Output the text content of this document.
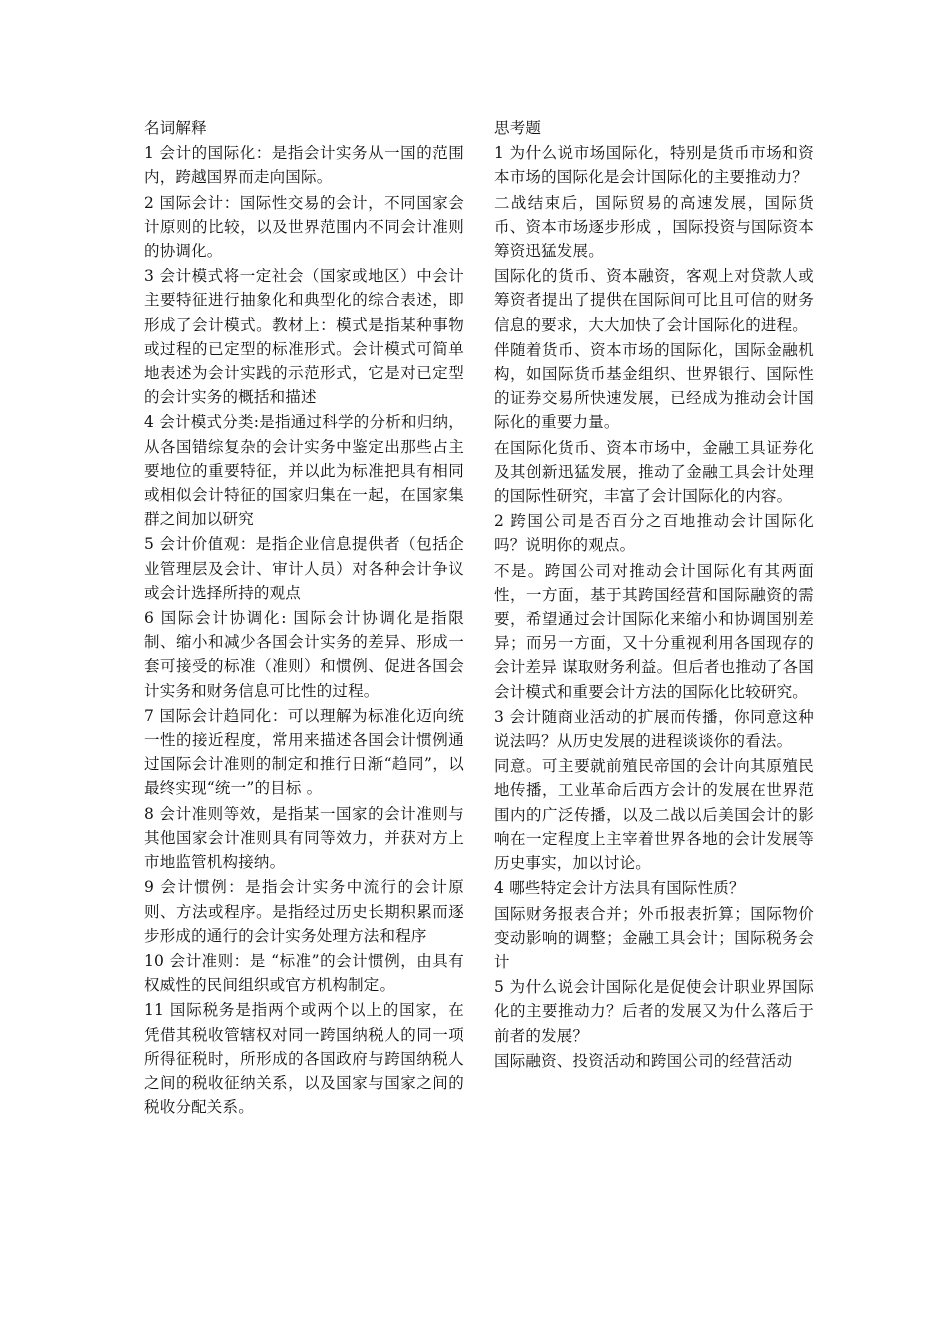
名词解释

1 会计的国际化：是指会计实务从一国的范围内，跨越国界而走向国际。

2 国际会计：国际性交易的会计，不同国家会计原则的比较，以及世界范围内不同会计准则的协调化。

3 会计模式将一定社会（国家或地区）中会计主要特征进行抽象化和典型化的综合表述，即形成了会计模式。教材上：模式是指某种事物或过程的已定型的标准形式。会计模式可简单地表述为会计实践的示范形式，它是对已定型的会计实务的概括和描述

4 会计模式分类:是指通过科学的分析和归纳，从各国错综复杂的会计实务中鉴定出那些占主要地位的重要特征，并以此为标准把具有相同或相似会计特征的国家归集在一起，在国家集群之间加以研究

5 会计价值观：是指企业信息提供者（包括企业管理层及会计、审计人员）对各种会计争议或会计选择所持的观点

6 国际会计协调化: 国际会计协调化是指限制、缩小和减少各国会计实务的差异、形成一套可接受的标准（准则）和惯例、促进各国会计实务和财务信息可比性的过程。

7 国际会计趋同化：可以理解为标准化迈向统一性的接近程度，常用来描述各国会计惯例通过国际会计准则的制定和推行日渐“趋同”，以最终实现“统一”的目标 。

8 会计准则等效，是指某一国家的会计准则与其他国家会计准则具有同等效力，并获对方上市地监管机构接纳。

9 会计惯例：是指会计实务中流行的会计原则、方法或程序。是指经过历史长期积累而逐步形成的通行的会计实务处理方法和程序

10 会计准则：是 “标准”的会计惯例，由具有权威性的民间组织或官方机构制定。

11 国际税务是指两个或两个以上的国家，在凭借其税收管辖权对同一跨国纳税人的同一项所得征税时，所形成的各国政府与跨国纳税人之间的税收征纳关系，以及国家与国家之间的税收分配关系。

思考题

1 为什么说市场国际化，特别是货币市场和资本市场的国际化是会计国际化的主要推动力？

二战结束后，国际贸易的高速发展，国际货币、资本市场逐步形成 ，国际投资与国际资本筹资迅猛发展。

国际化的货币、资本融资，客观上对贷款人或筹资者提出了提供在国际间可比且可信的财务信息的要求，大大加快了会计国际化的进程。

伴随着货币、资本市场的国际化，国际金融机构，如国际货币基金组织、世界银行、国际性的证券交易所快速发展，已经成为推动会计国际化的重要力量。

在国际化货币、资本市场中，金融工具证券化及其创新迅猛发展，推动了金融工具会计处理的国际性研究，丰富了会计国际化的内容。

2 跨国公司是否百分之百地推动会计国际化吗？说明你的观点。

不是。跨国公司对推动会计国际化有其两面性，一方面，基于其跨国经营和国际融资的需要，希望通过会计国际化来缩小和协调国别差异；而另一方面，又十分重视利用各国现存的会计差异 谋取财务利益。但后者也推动了各国会计模式和重要会计方法的国际化比较研究。

3 会计随商业活动的扩展而传播，你同意这种说法吗？从历史发展的进程谈谈你的看法。

同意。可主要就前殖民帝国的会计向其原殖民地传播，工业革命后西方会计的发展在世界范围内的广泛传播，以及二战以后美国会计的影响在一定程度上主宰着世界各地的会计发展等历史事实，加以讨论。

4 哪些特定会计方法具有国际性质？

国际财务报表合并；外币报表折算；国际物价变动影响的调整；金融工具会计；国际税务会计

5 为什么说会计国际化是促使会计职业界国际化的主要推动力？后者的发展又为什么落后于前者的发展？

国际融资、投资活动和跨国公司的经营活动
